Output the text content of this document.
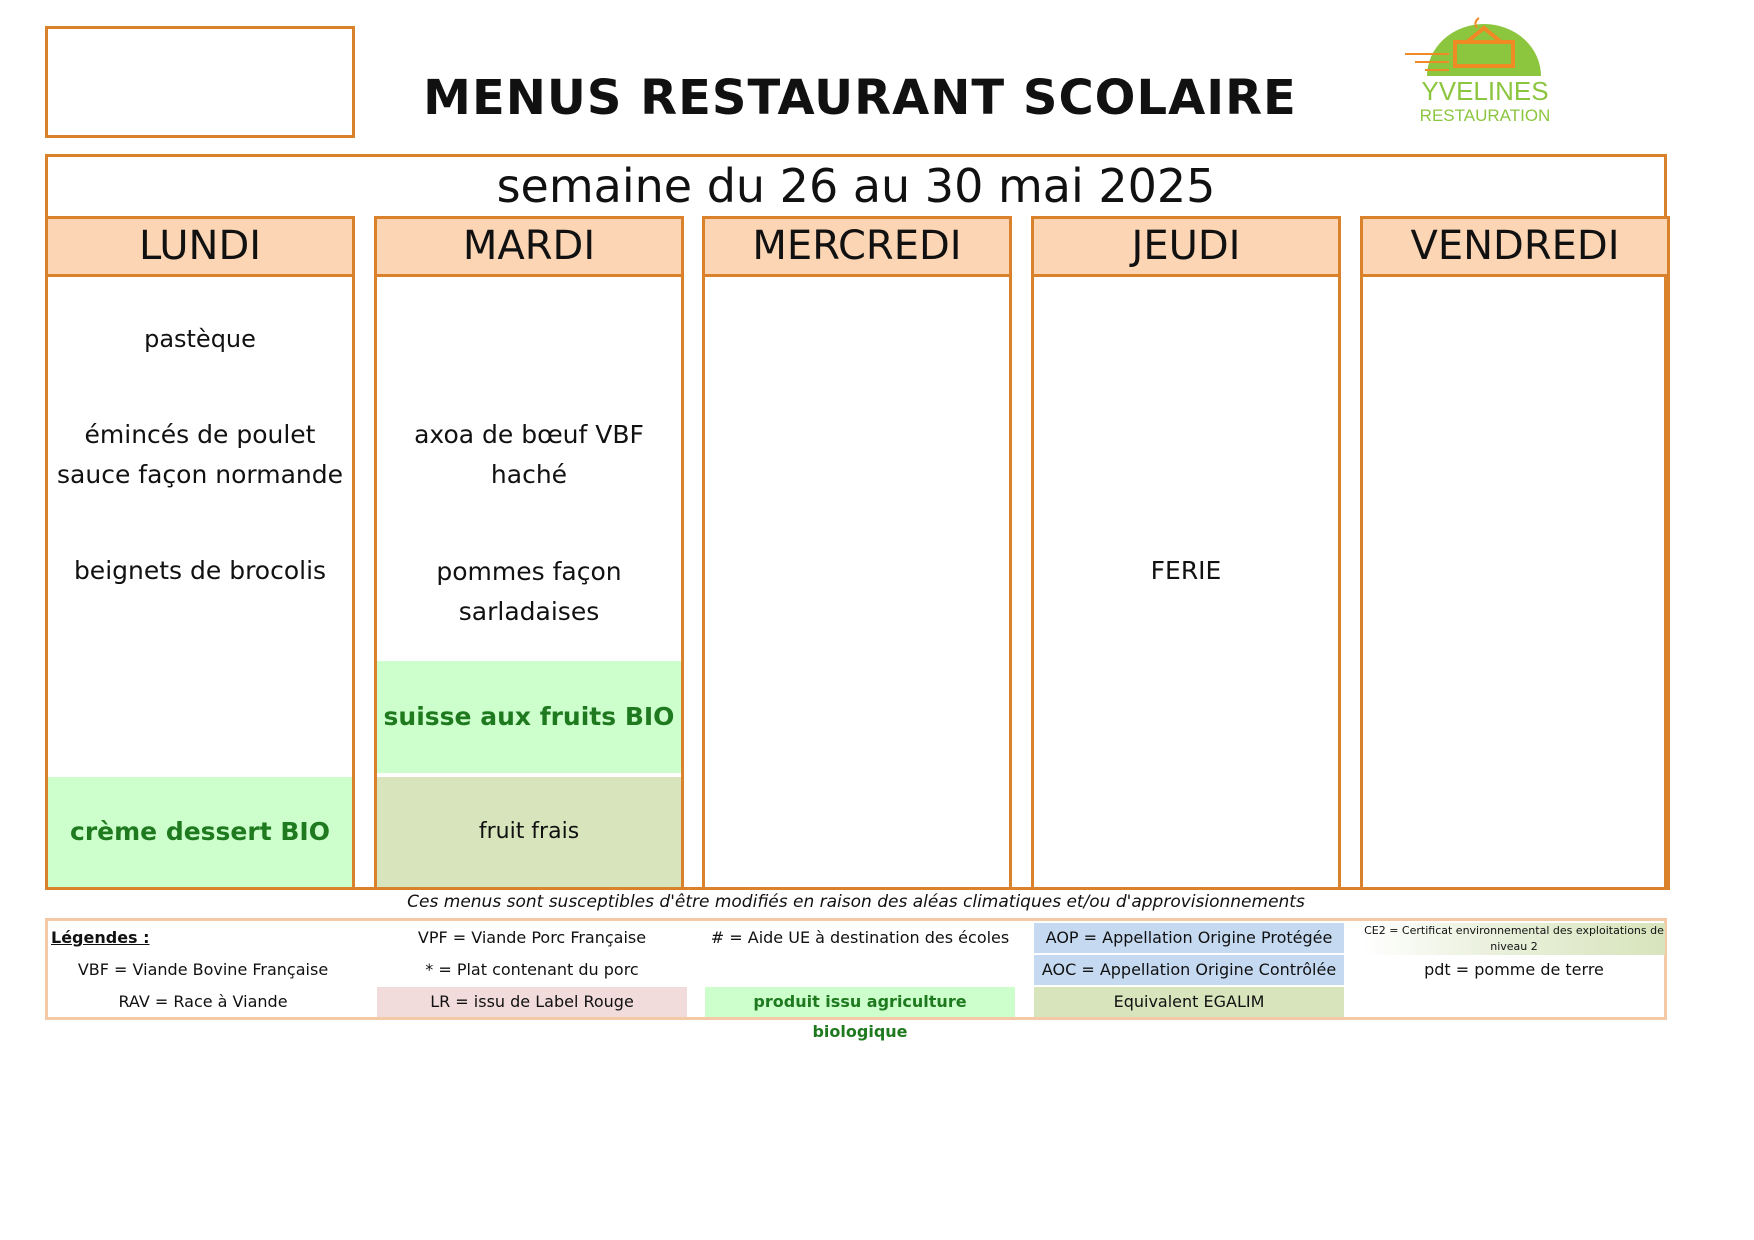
MENUS RESTAURANT SCOLAIRE	YVELINES
RESTAURATION
semaine du 26 au 30 mai 2025
LUNDI
pastèque
émincés de poulet sauce façon normande
beignets de brocolis
crème dessert BIO
MARDI
axoa de bœuf VBF haché
pommes façon sarladaises
suisse aux fruits BIO
fruit frais
MERCREDI	JEUDI
FERIE
VENDREDI
Ces menus sont susceptibles d'être modifiés en raison des aléas climatiques et/ou d'approvisionnements
Légendes :
VBF = Viande Bovine Française
RAV = Race à Viande
VPF = Viande Porc Française
* = Plat contenant du porc
LR = issu de Label Rouge
# = Aide UE à destination des écoles
produit issu agriculture biologique
AOP = Appellation Origine Protégée
AOC = Appellation Origine Contrôlée
Equivalent EGALIM
CE2 = Certificat environnemental des exploitations de niveau 2
pdt = pomme de terre
